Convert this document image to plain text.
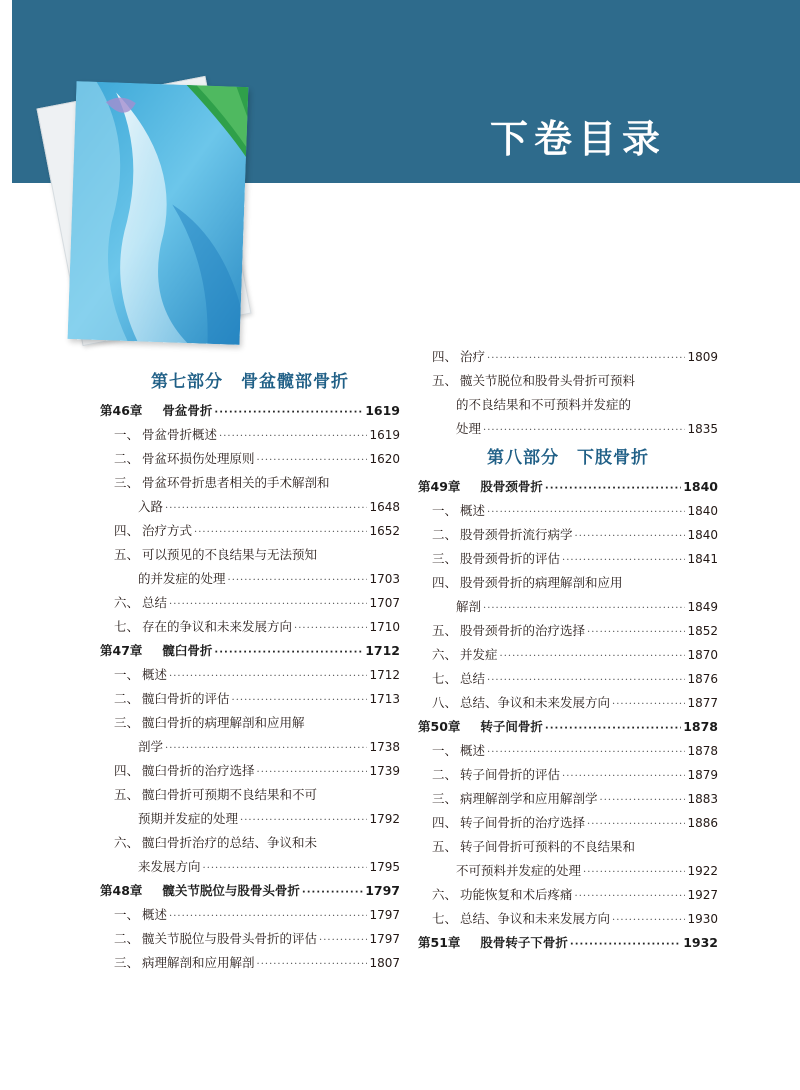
下卷目录
第七部分 骨盆髋部骨折
第46章 骨盆骨折 ·····	1619
一、 骨盆骨折概述 ·····	1619
二、 骨盆环损伤处理原则 ·····	1620
三、 骨盆环骨折患者相关的手术解剖和
入路 ·····	1648
四、 治疗方式 ·····	1652
五、 可以预见的不良结果与无法预知
的并发症的处理 ·····	1703
六、 总结 ·····	1707
七、 存在的争议和未来发展方向 ·····	1710
第47章 髋臼骨折 ·····	1712
一、 概述 ·····	1712
二、 髋臼骨折的评估 ·····	1713
三、 髋臼骨折的病理解剖和应用解
剖学 ·····	1738
四、 髋臼骨折的治疗选择 ·····	1739
五、 髋臼骨折可预期不良结果和不可
预期并发症的处理 ·····	1792
六、 髋臼骨折治疗的总结、争议和未
来发展方向 ·····	1795
第48章 髋关节脱位与股骨头骨折 ·····	1797
一、 概述 ·····	1797
二、 髋关节脱位与股骨头骨折的评估 ·····	1797
三、 病理解剖和应用解剖 ·····	1807
四、 治疗 ·····	1809
五、 髋关节脱位和股骨头骨折可预料
的不良结果和不可预料并发症的
处理 ·····	1835
第八部分 下肢骨折
第49章 股骨颈骨折 ·····	1840
一、 概述 ·····	1840
二、 股骨颈骨折流行病学 ·····	1840
三、 股骨颈骨折的评估 ·····	1841
四、 股骨颈骨折的病理解剖和应用
解剖 ·····	1849
五、 股骨颈骨折的治疗选择 ·····	1852
六、 并发症 ·····	1870
七、 总结 ·····	1876
八、 总结、争议和未来发展方向 ·····	1877
第50章 转子间骨折 ·····	1878
一、 概述 ·····	1878
二、 转子间骨折的评估 ·····	1879
三、 病理解剖学和应用解剖学 ·····	1883
四、 转子间骨折的治疗选择 ·····	1886
五、 转子间骨折可预料的不良结果和
不可预料并发症的处理 ·····	1922
六、 功能恢复和术后疼痛 ·····	1927
七、 总结、争议和未来发展方向 ·····	1930
第51章 股骨转子下骨折 ·····	1932
